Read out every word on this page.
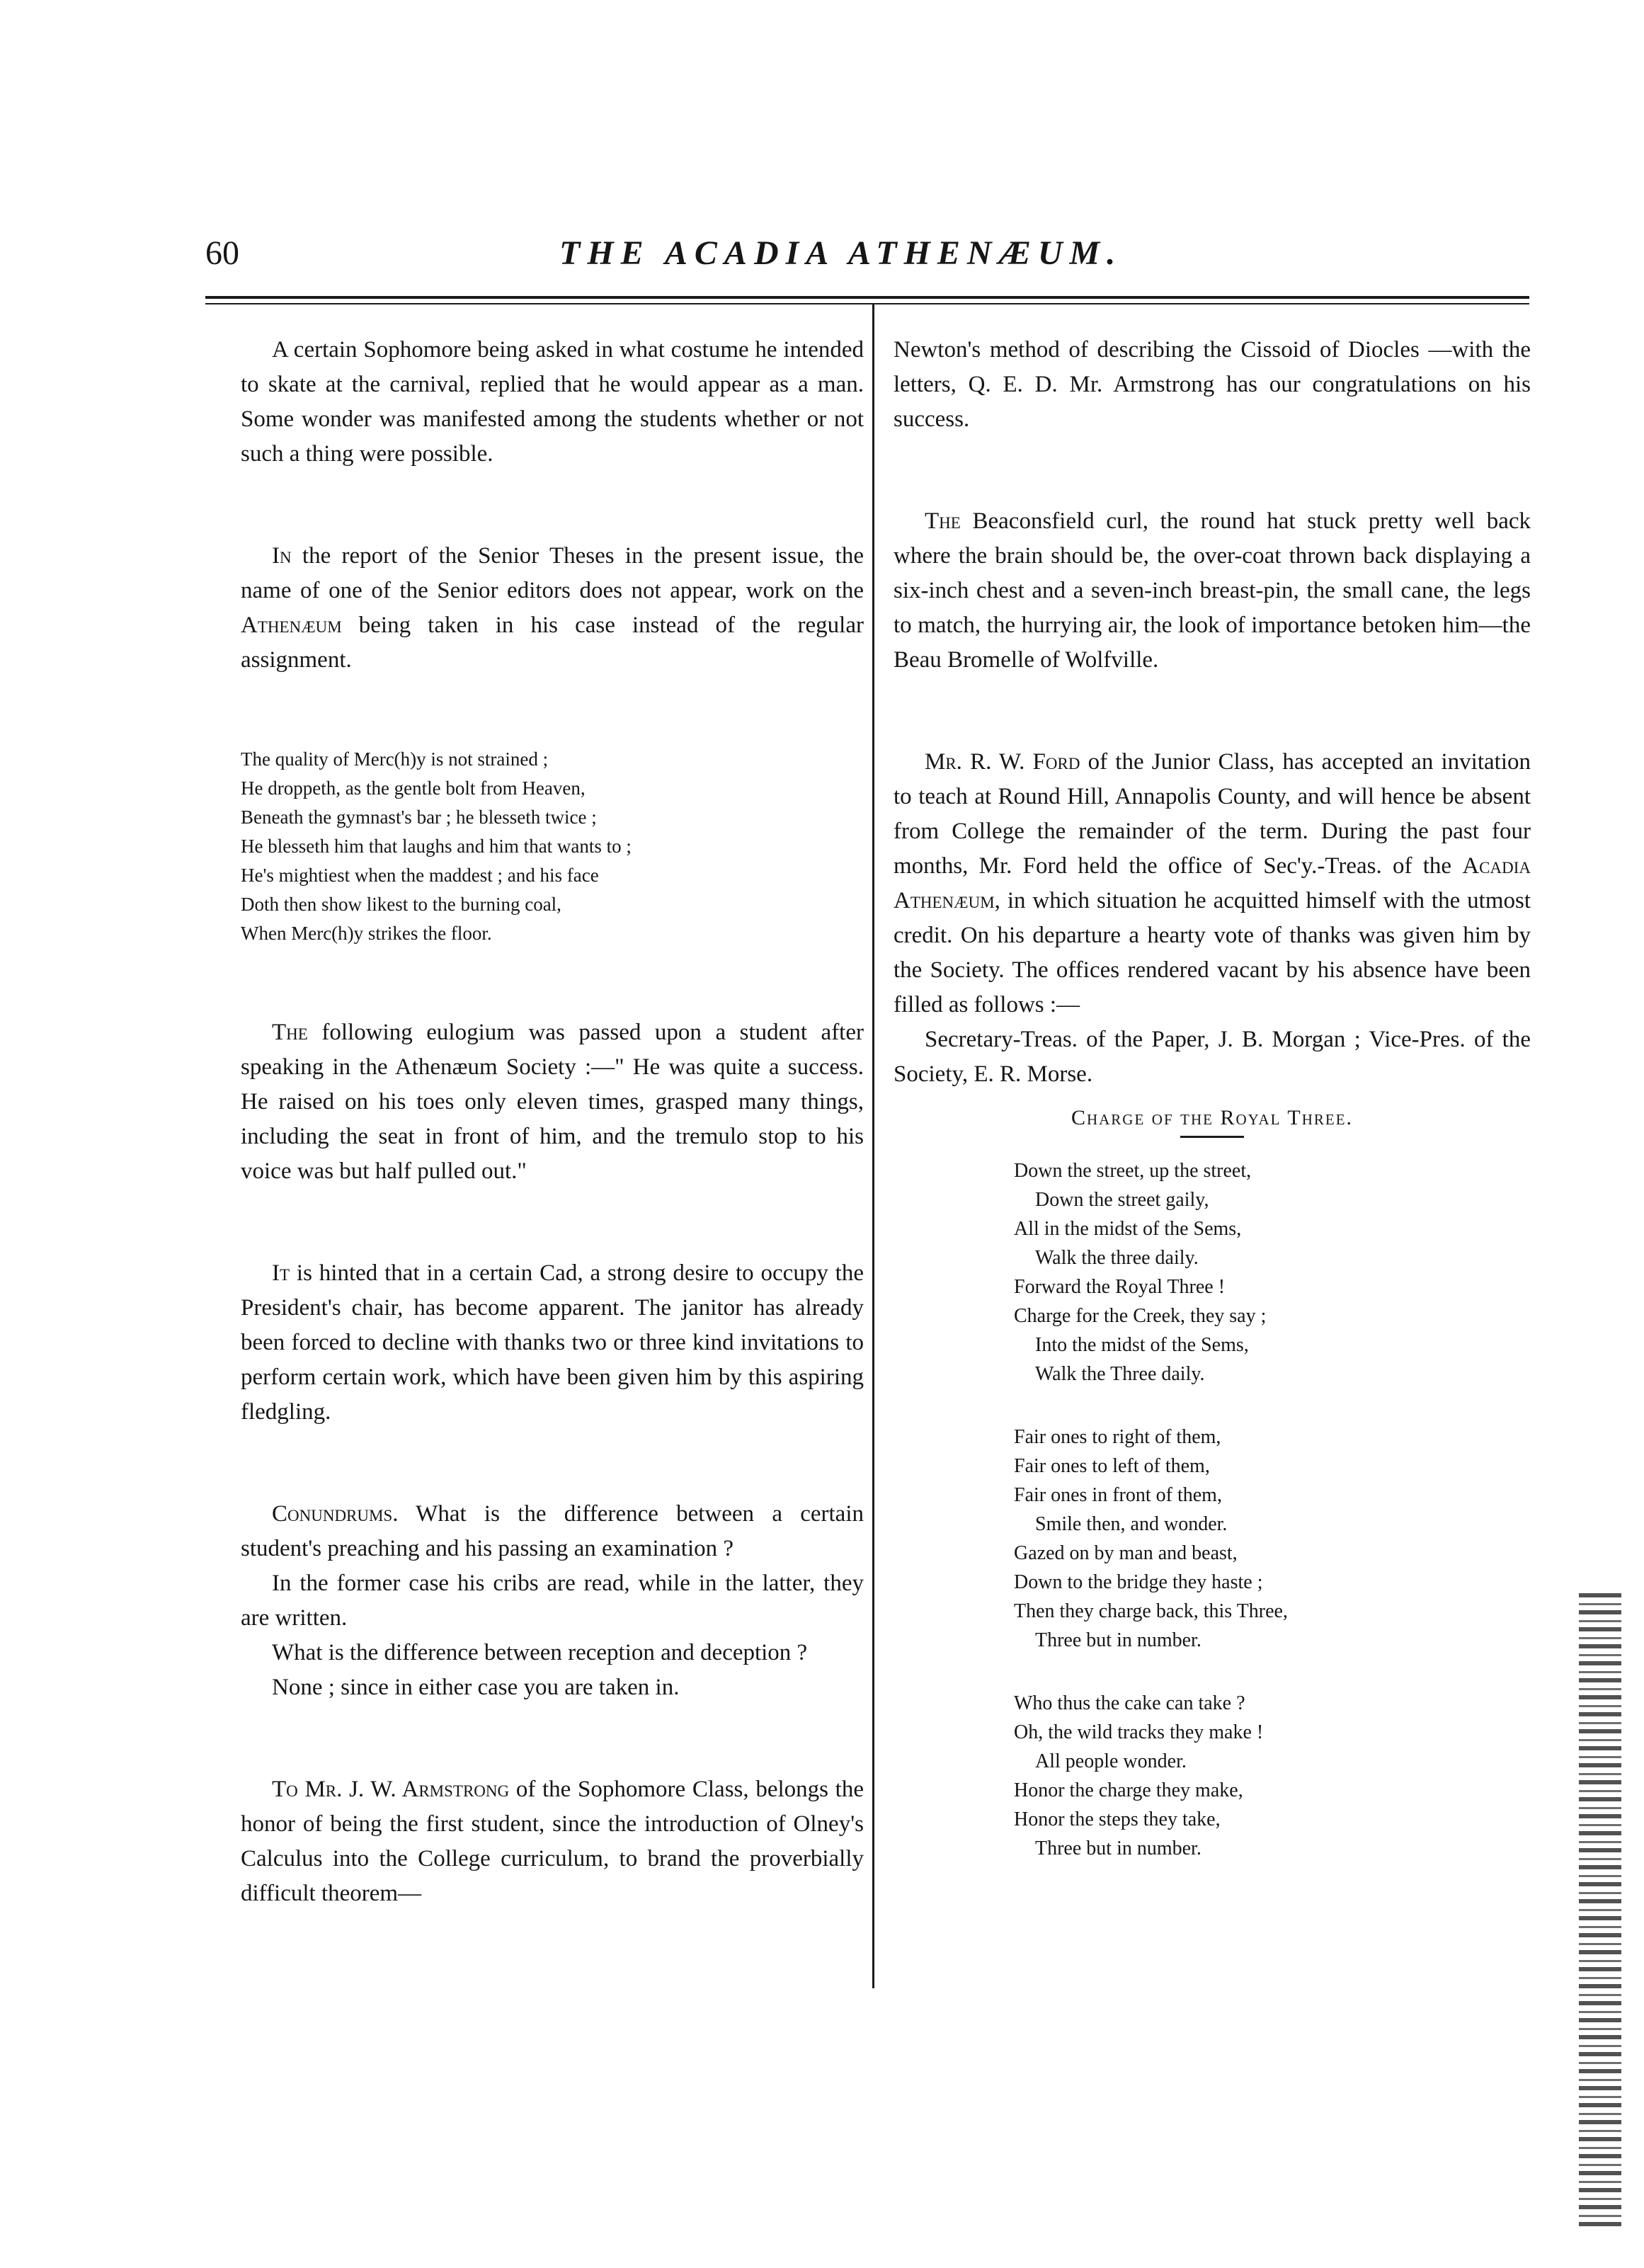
60	THE ACADIA ATHENÆUM.

A certain Sophomore being asked in what costume he intended to skate at the carnival, replied that he would appear as a man. Some wonder was manifested among the students whether or not such a thing were possible.

In the report of the Senior Theses in the present issue, the name of one of the Senior editors does not appear, work on the Athenæum being taken in his case instead of the regular assignment.

The quality of Merc(h)y is not strained ;
He droppeth, as the gentle bolt from Heaven,
Beneath the gymnast's bar ; he blesseth twice ;
He blesseth him that laughs and him that wants to ;
He's mightiest when the maddest ; and his face
Doth then show likest to the burning coal,
When Merc(h)y strikes the floor.

The following eulogium was passed upon a student after speaking in the Athenæum Society :—" He was quite a success. He raised on his toes only eleven times, grasped many things, including the seat in front of him, and the tremulo stop to his voice was but half pulled out."

It is hinted that in a certain Cad, a strong desire to occupy the President's chair, has become apparent. The janitor has already been forced to decline with thanks two or three kind invitations to perform certain work, which have been given him by this aspiring fledgling.

Conundrums. What is the difference between a certain student's preaching and his passing an examination ?

In the former case his cribs are read, while in the latter, they are written.

What is the difference between reception and deception ?

None ; since in either case you are taken in.

To Mr. J. W. Armstrong of the Sophomore Class, belongs the honor of being the first student, since the introduction of Olney's Calculus into the College curriculum, to brand the proverbially difficult theorem—

Newton's method of describing the Cissoid of Diocles —with the letters, Q. E. D. Mr. Armstrong has our congratulations on his success.

The Beaconsfield curl, the round hat stuck pretty well back where the brain should be, the over-coat thrown back displaying a six-inch chest and a seven-inch breast-pin, the small cane, the legs to match, the hurrying air, the look of importance betoken him—the Beau Bromelle of Wolfville.

Mr. R. W. Ford of the Junior Class, has accepted an invitation to teach at Round Hill, Annapolis County, and will hence be absent from College the remainder of the term. During the past four months, Mr. Ford held the office of Sec'y.-Treas. of the Acadia Athenæum, in which situation he acquitted himself with the utmost credit. On his departure a hearty vote of thanks was given him by the Society. The offices rendered vacant by his absence have been filled as follows :—

Secretary-Treas. of the Paper, J. B. Morgan ; Vice-Pres. of the Society, E. R. Morse.

Charge of the Royal Three.
Down the street, up the street,
Down the street gaily,
All in the midst of the Sems,
Walk the three daily.
Forward the Royal Three !
Charge for the Creek, they say ;
Into the midst of the Sems,
Walk the Three daily.
Fair ones to right of them,
Fair ones to left of them,
Fair ones in front of them,
Smile then, and wonder.
Gazed on by man and beast,
Down to the bridge they haste ;
Then they charge back, this Three,
Three but in number.
Who thus the cake can take ?
Oh, the wild tracks they make !
All people wonder.
Honor the charge they make,
Honor the steps they take,
Three but in number.
